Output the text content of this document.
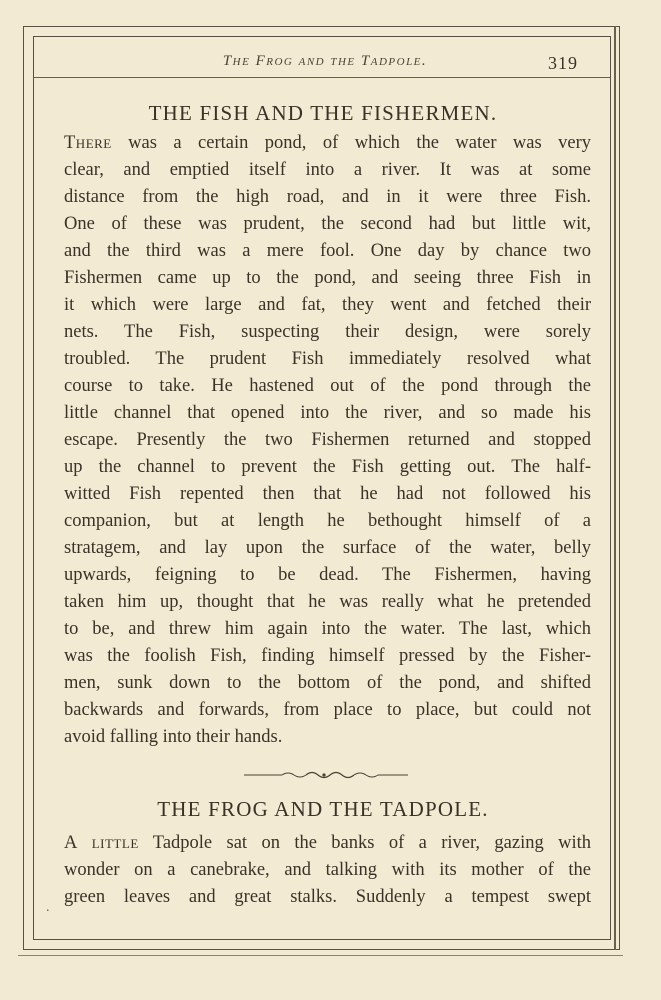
The Frog and the Tadpole.	319
THE FISH AND THE FISHERMEN.
There was a certain pond, of which the water was very
clear, and emptied itself into a river. It was at some
distance from the high road, and in it were three Fish.
One of these was prudent, the second had but little wit,
and the third was a mere fool. One day by chance two
Fishermen came up to the pond, and seeing three Fish in
it which were large and fat, they went and fetched their
nets. The Fish, suspecting their design, were sorely
troubled. The prudent Fish immediately resolved what
course to take. He hastened out of the pond through the
little channel that opened into the river, and so made his
escape. Presently the two Fishermen returned and stopped
up the channel to prevent the Fish getting out. The half-
witted Fish repented then that he had not followed his
companion, but at length he bethought himself of a
stratagem, and lay upon the surface of the water, belly
upwards, feigning to be dead. The Fishermen, having
taken him up, thought that he was really what he pretended
to be, and threw him again into the water. The last, which
was the foolish Fish, finding himself pressed by the Fisher-
men, sunk down to the bottom of the pond, and shifted
backwards and forwards, from place to place, but could not
avoid falling into their hands.
THE FROG AND THE TADPOLE.
A little Tadpole sat on the banks of a river, gazing with
wonder on a canebrake, and talking with its mother of the
green leaves and great stalks. Suddenly a tempest swept
.
